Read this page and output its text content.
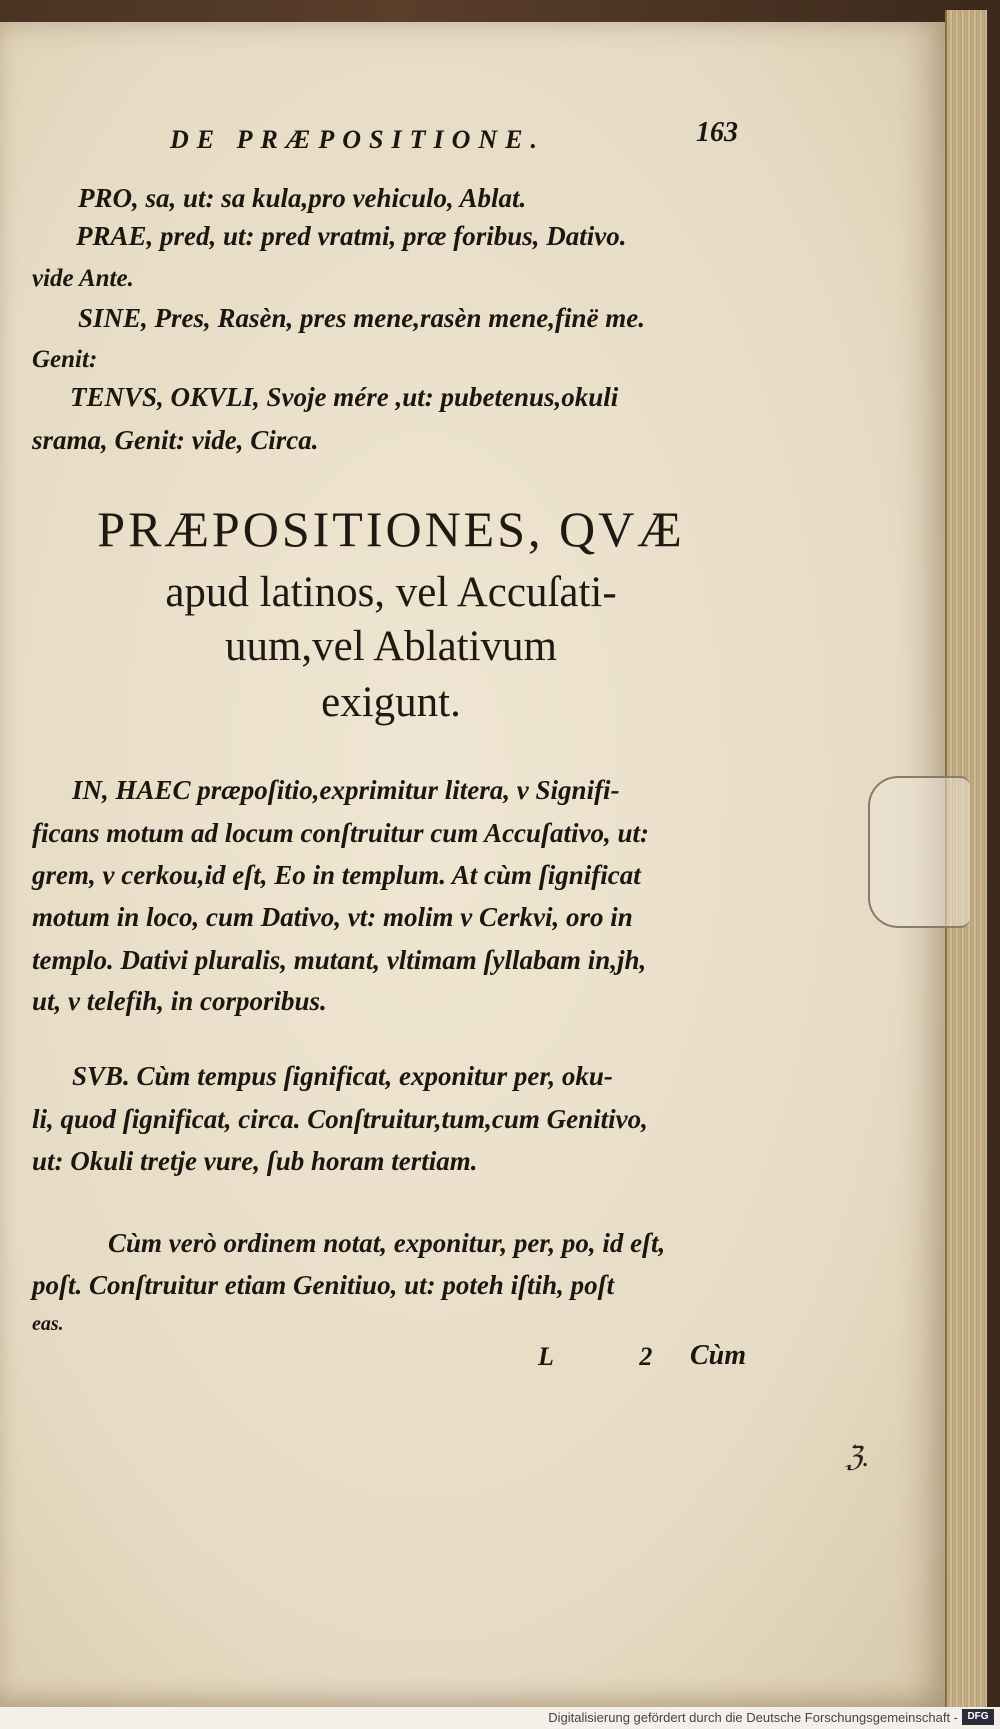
DE PRÆPOSITIONE.	163
PRO, sa, ut: sa kula,pro vehiculo, Ablat.
PRAE, pred, ut: pred vratmi, præ foribus, Dativo.
vide Ante.
SINE, Pres, Rasèn, pres mene,rasèn mene,finë me.
Genit:
TENVS, OKVLI, Svoje mére ,ut: pubetenus,okuli
srama, Genit: vide, Circa.
PRÆPOSITIONES, QVÆ
apud latinos, vel Accuſati-
uum,vel Ablativum
exigunt.
IN, HAEC præpoſitio,exprimitur litera, v Signifi-
ficans motum ad locum conſtruitur cum Accuſativo, ut:
grem, v cerkou,id eſt, Eo in templum. At cùm ſignificat
motum in loco, cum Dativo, vt: molim v Cerkvi, oro in
templo. Dativi pluralis, mutant, vltimam ſyllabam in,jh,
ut, v telefih, in corporibus.
SVB. Cùm tempus ſignificat, exponitur per, oku-
li, quod ſignificat, circa. Conſtruitur,tum,cum Genitivo,
ut: Okuli tretje vure, ſub horam tertiam.
Cùm verò ordinem notat, exponitur, per, po, id eſt,
poſt. Conſtruitur etiam Genitiuo, ut: poteh iſtih, poſt
eas.
L 2
Cùm
ℨ.
Digitalisierung gefördert durch die Deutsche Forschungsgemeinschaft - DFG
